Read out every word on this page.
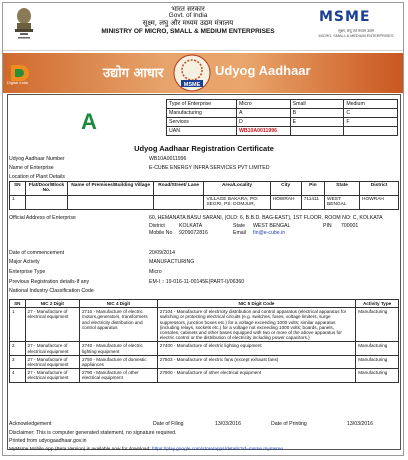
भारत सरकार
Govt. of India
सूक्ष्म, लघु और मध्यम उद्यम मंत्रालय
MINISTRY OF MICRO, SMALL & MEDIUM ENTERPRISES
MSME
सूक्ष्म, लघु एवं मध्यम उद्यम
MICRO, SMALL & MEDIUM ENTERPRISES
Digital India
उद्योग आधार
MSME
Udyog Aadhaar
A
Type of Enterprise	Micro	Small	Medium
Manufacturing	A	B	C
Services	D	E	F
UAN	WB10A0011996		
Udyog Aadhaar Registration Certificate
Udyog Aadhaar Number	WB10A0011996
Name of Enterprise	E-CUBE ENERGY INFRA SERVICES PVT LIMITED
Location of Plant Details
SN	Flat/Door/Block No.	Name of Premises/Building Village	Road/Street/ Lane	Area/Locality	City	Pin	State	District
1				VILLAGE BAKARA, PO: SEGRI, PS: DOMJUR,	HOWRAH	711411	WEST BENGAL	HOWRAH
Official Address of Enterprise	60, HEMANATA BASU SARANI, (OLD: 6, B.B.D. BAG-EAST), 1ST FLOOR, ROOM NO: C, KOLKATA
District	KOLKATA	State WEST BENGAL	PIN 700001
Mobile No 9209072816	Email fin@e-cube.in
Date of commencement	20/09/2014
Major Activity	MANUFACTURING
Enterprise Type	Micro
Previous Registration details-If any	EM-I :: 19-016-11-00145E(PART-I)/06360
National Industry Classification Code
SN	NIC 2 Digit	NIC 4 Digit	NIC 5 Digit Code	Activity Type
1	27 - Manufacture of electrical equipment	2710 - Manufacture of electric motors,generators, transformers and electricity distribution and control apparatus	27104 - Manufacture of electricity distribution and control apparatus (electrical apparatus for switching or protecting electrical circuits (e.g. switches, fuses, voltage limiters, surge suppressors, junction boxes etc.) for a voltage exceeding 1000 volts; similar apparatus (including relays, sockets etc.) for a voltage not exceeding 1000 volts; boards, panels, consoles, cabinets and other bases equipped with two or more of the above apparatus for electric control or the distribution of electricity including power capacitors.)	Manufacturing
2	27 - Manufacture of electrical equipment	2740 - Manufacture of electric lighting equipment	27400 - Manufacture of electric lighting equipment	Manufacturing
3	27 - Manufacture of electrical equipment	2750 - Manufacture of domestic appliances	27503 - Manufacture of electric fans (except exhaust fans)	Manufacturing
4	27 - Manufacture of electrical equipment	2790 - Manufacture of other electrical equipment	27900 - Manufacture of other electrical equipment	Manufacturing
Acknowledgement	Date of Filing	13/03/2016	Date of Printing	13/03/2016
Disclaimer: This is computer generated statement, no signature required.
Printed from udyogaadhaar.gov.in
MyMsme Mobile App (Beta Version) is available now for download: https://play.google.com/store/apps/details?id=msme.mymsme
